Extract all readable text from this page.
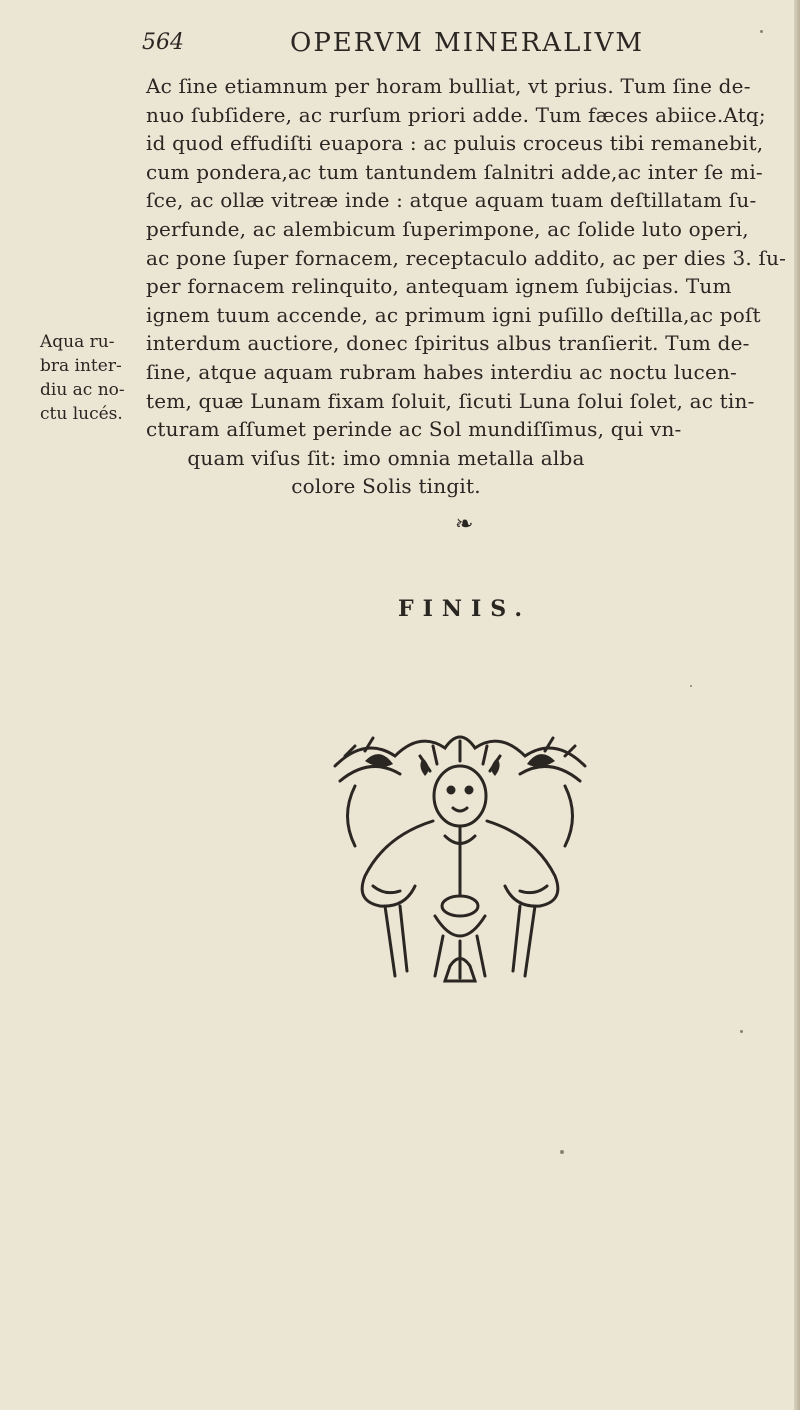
564	OPERVM MINERALIVM
Ac ſine etiamnum per horam bulliat, vt prius. Tum ſine de-
nuo ſubſidere, ac rurſum priori adde. Tum fæces abiice.Atq;
id quod effudiſti euapora : ac puluis croceus tibi remanebit,
cum pondera,ac tum tantundem ſalnitri adde,ac inter ſe mi-
ſce, ac ollæ vitreæ inde : atque aquam tuam deſtillatam ſu-
perfunde, ac alembicum ſuperimpone, ac ſolide luto operi,
ac pone ſuper fornacem, receptaculo addito, ac per dies 3. ſu-
per fornacem relinquito, antequam ignem ſubijcias. Tum
ignem tuum accende, ac primum igni puſillo deſtilla,ac poſt
interdum auctiore, donec ſpiritus albus tranſierit. Tum de-
ſine, atque aquam rubram habes interdiu ac noctu lucen-
tem, quæ Lunam fixam ſoluit, ſicuti Luna ſolui ſolet, ac tin-
cturam aſſumet perinde ac Sol mundiſſimus, qui vn-
quam viſus ſit: imo omnia metalla alba
colore Solis tingit.
Aqua ru-
bra inter-
diu ac no-
ctu lucés.
❧
FINIS.
